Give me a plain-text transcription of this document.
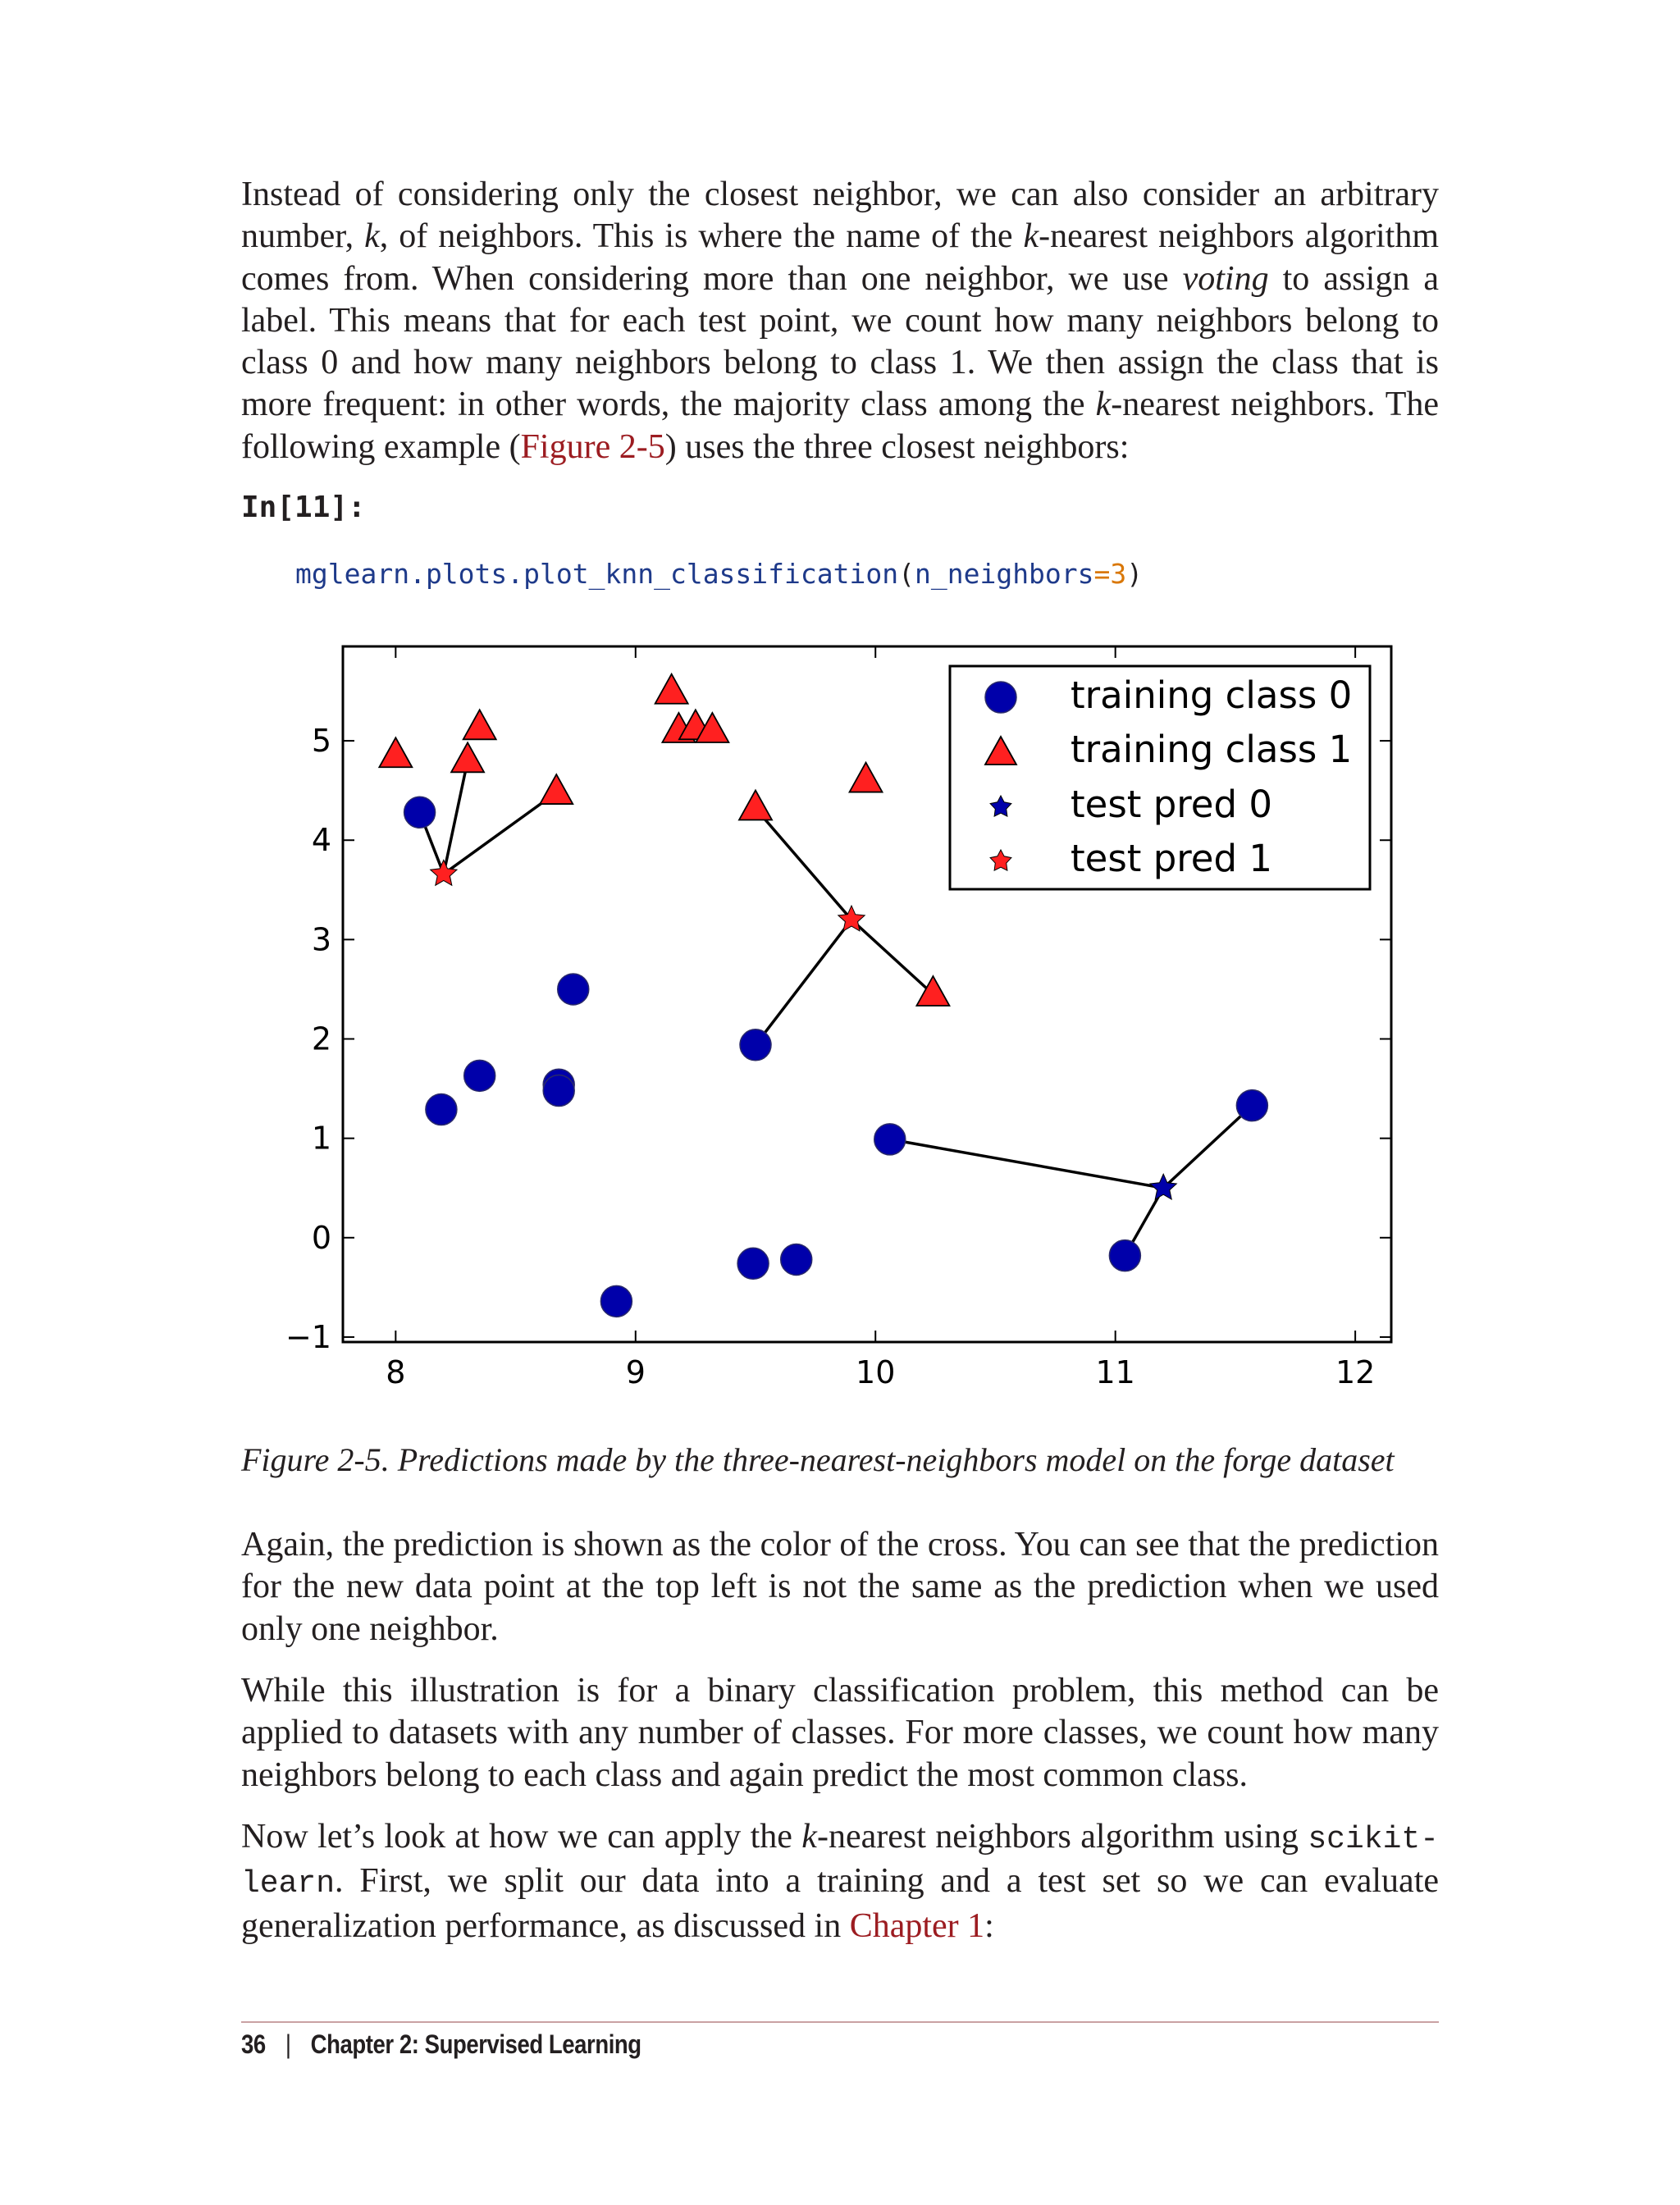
Instead of considering only the closest neighbor, we can also consider an arbitrary number, k, of neighbors. This is where the name of the k-nearest neighbors algorithm comes from. When considering more than one neighbor, we use voting to assign a label. This means that for each test point, we count how many neighbors belong to class 0 and how many neighbors belong to class 1. We then assign the class that is more frequent: in other words, the majority class among the k-nearest neighbors. The following example (Figure 2-5) uses the three closest neighbors:

In[11]:
mglearn.plots.plot_knn_classification(n_neighbors=3)
8	9	10	11	12
−1
0
1
2
3
4
5
training class 0
training class 1
test pred 0
test pred 1
Figure 2-5. Predictions made by the three-nearest-neighbors model on the forge dataset

Again, the prediction is shown as the color of the cross. You can see that the prediction for the new data point at the top left is not the same as the prediction when we used only one neighbor.

While this illustration is for a binary classification problem, this method can be applied to datasets with any number of classes. For more classes, we count how many neighbors belong to each class and again predict the most common class.

Now let’s look at how we can apply the k-nearest neighbors algorithm using scikit-learn. First, we split our data into a training and a test set so we can evaluate generalization performance, as discussed in Chapter 1:

36 | Chapter 2: Supervised Learning
